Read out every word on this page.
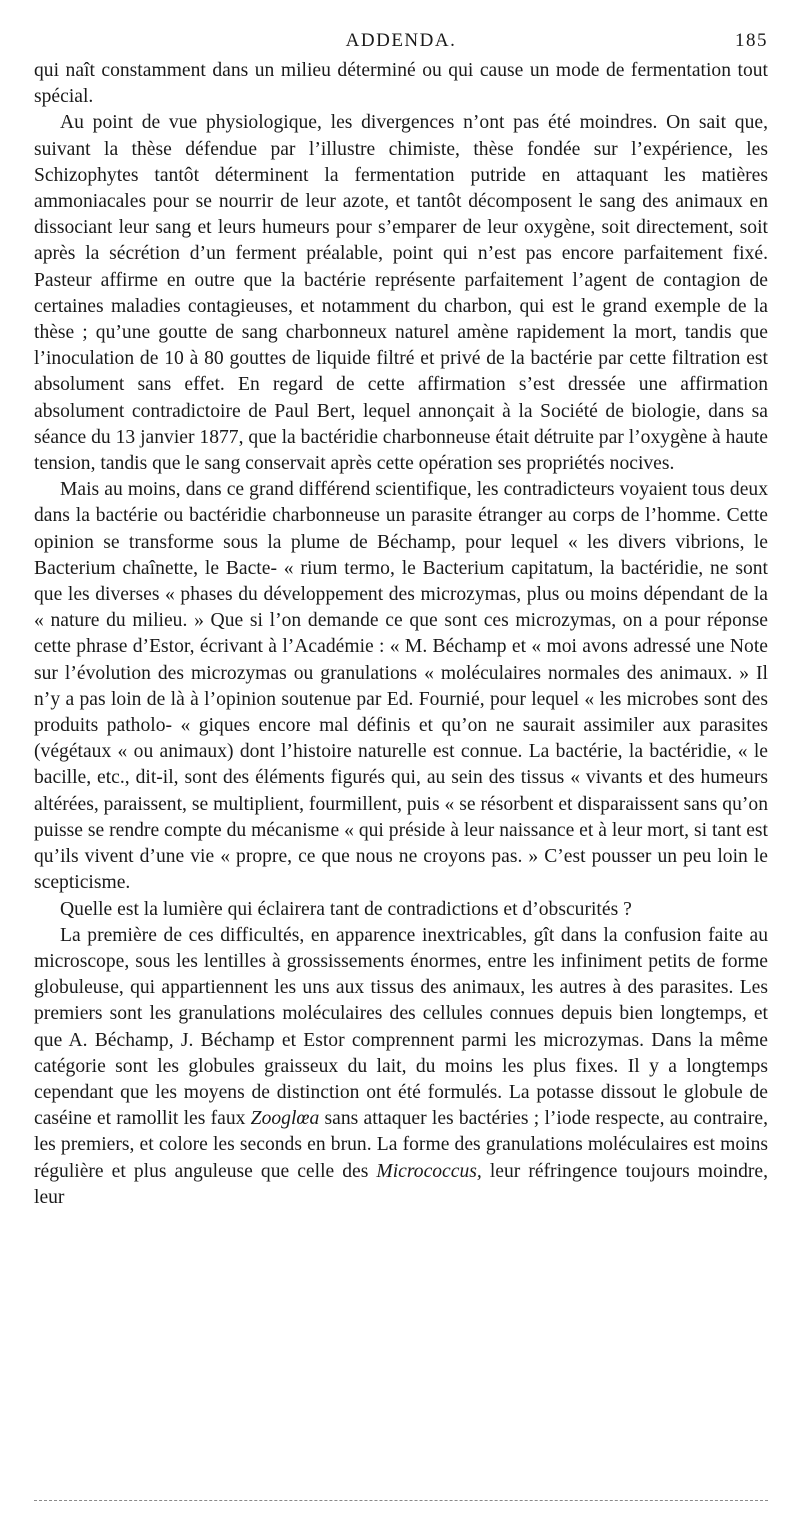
ADDENDA.	185

qui naît constamment dans un milieu déterminé ou qui cause un mode de fermentation tout spécial.

Au point de vue physiologique, les divergences n’ont pas été moindres. On sait que, suivant la thèse défendue par l’illustre chimiste, thèse fondée sur l’expérience, les Schizophytes tantôt déterminent la fermentation putride en attaquant les matières ammoniacales pour se nourrir de leur azote, et tantôt décomposent le sang des animaux en dissociant leur sang et leurs humeurs pour s’emparer de leur oxygène, soit directement, soit après la sécrétion d’un ferment préalable, point qui n’est pas encore parfaitement fixé. Pasteur affirme en outre que la bactérie représente parfaitement l’agent de contagion de certaines maladies contagieuses, et notamment du charbon, qui est le grand exemple de la thèse ; qu’une goutte de sang charbonneux naturel amène rapidement la mort, tandis que l’inoculation de 10 à 80 gouttes de liquide filtré et privé de la bactérie par cette filtration est absolument sans effet. En regard de cette affirmation s’est dressée une affirmation absolument contradictoire de Paul Bert, lequel annonçait à la Société de biologie, dans sa séance du 13 janvier 1877, que la bactéridie charbonneuse était détruite par l’oxygène à haute tension, tandis que le sang conservait après cette opération ses propriétés nocives.

Mais au moins, dans ce grand différend scientifique, les contradicteurs voyaient tous deux dans la bactérie ou bactéridie charbonneuse un parasite étranger au corps de l’homme. Cette opinion se transforme sous la plume de Béchamp, pour lequel « les divers vibrions, le Bacterium chaînette, le Bacte- « rium termo, le Bacterium capitatum, la bactéridie, ne sont que les diverses « phases du développement des microzymas, plus ou moins dépendant de la « nature du milieu. » Que si l’on demande ce que sont ces microzymas, on a pour réponse cette phrase d’Estor, écrivant à l’Académie : « M. Béchamp et « moi avons adressé une Note sur l’évolution des microzymas ou granulations « moléculaires normales des animaux. » Il n’y a pas loin de là à l’opinion soutenue par Ed. Fournié, pour lequel « les microbes sont des produits patholo- « giques encore mal définis et qu’on ne saurait assimiler aux parasites (végétaux « ou animaux) dont l’histoire naturelle est connue. La bactérie, la bactéridie, « le bacille, etc., dit-il, sont des éléments figurés qui, au sein des tissus « vivants et des humeurs altérées, paraissent, se multiplient, fourmillent, puis « se résorbent et disparaissent sans qu’on puisse se rendre compte du mécanisme « qui préside à leur naissance et à leur mort, si tant est qu’ils vivent d’une vie « propre, ce que nous ne croyons pas. » C’est pousser un peu loin le scepticisme.

Quelle est la lumière qui éclairera tant de contradictions et d’obscurités ?

La première de ces difficultés, en apparence inextricables, gît dans la confusion faite au microscope, sous les lentilles à grossissements énormes, entre les infiniment petits de forme globuleuse, qui appartiennent les uns aux tissus des animaux, les autres à des parasites. Les premiers sont les granulations moléculaires des cellules connues depuis bien longtemps, et que A. Béchamp, J. Béchamp et Estor comprennent parmi les microzymas. Dans la même catégorie sont les globules graisseux du lait, du moins les plus fixes. Il y a longtemps cependant que les moyens de distinction ont été formulés. La potasse dissout le globule de caséine et ramollit les faux Zooglœa sans attaquer les bactéries ; l’iode respecte, au contraire, les premiers, et colore les seconds en brun. La forme des granulations moléculaires est moins régulière et plus anguleuse que celle des Micrococcus, leur réfringence toujours moindre, leur
